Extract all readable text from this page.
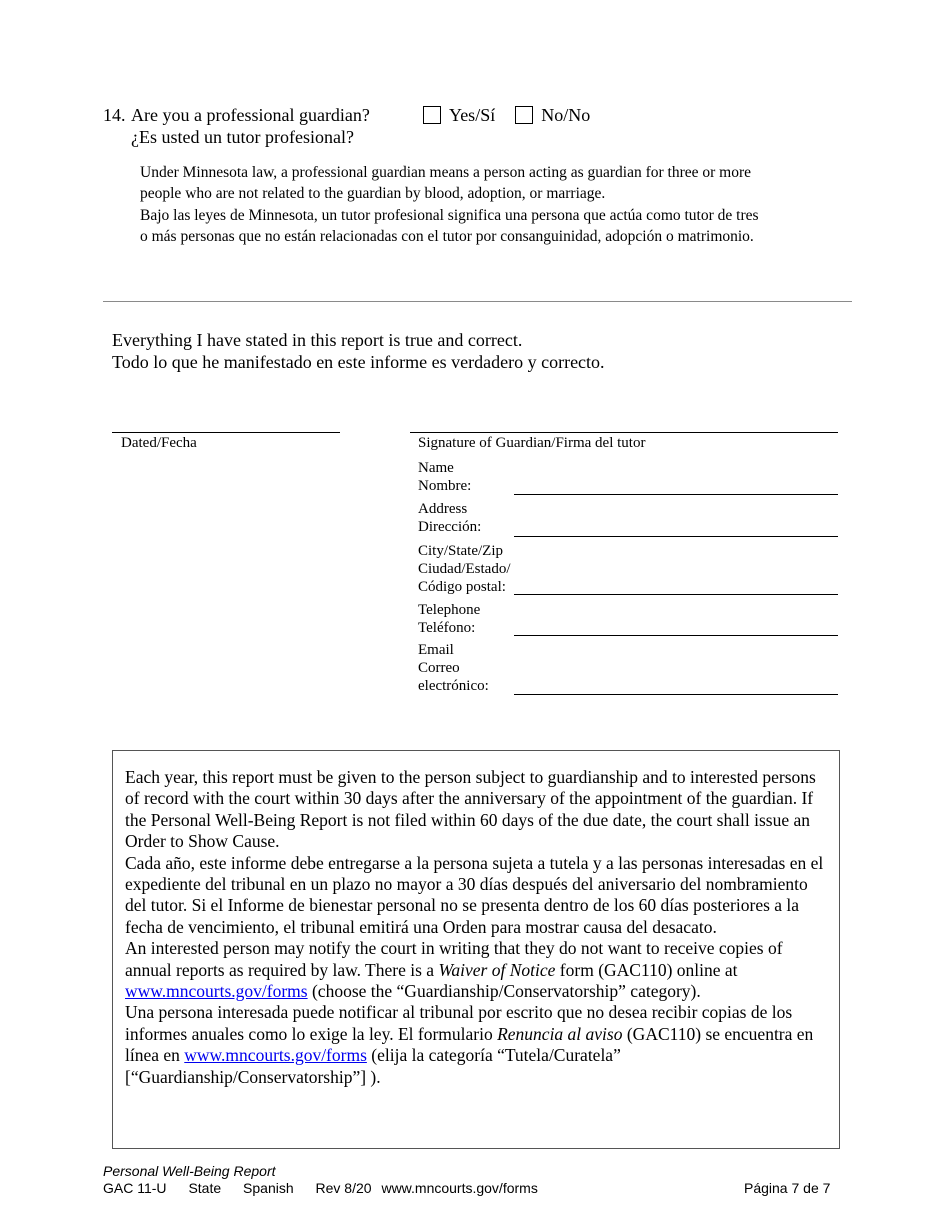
14. Are you a professional guardian?
¿Es usted un tutor profesional?
Yes/Sí	No/No
Under Minnesota law, a professional guardian means a person acting as guardian for three or more
people who are not related to the guardian by blood, adoption, or marriage.
Bajo las leyes de Minnesota, un tutor profesional significa una persona que actúa como tutor de tres
o más personas que no están relacionadas con el tutor por consanguinidad, adopción o matrimonio.
Everything I have stated in this report is true and correct.
Todo lo que he manifestado en este informe es verdadero y correcto.
Dated/Fecha	Signature of Guardian/Firma del tutor
Name
Nombre:
Address
Dirección:
City/State/Zip
Ciudad/Estado/
Código postal:
Telephone
Teléfono:
Email
Correo
electrónico:

Each year, this report must be given to the person subject to guardianship and to interested persons of record with the court within 30 days after the anniversary of the appointment of the guardian. If the Personal Well-Being Report is not filed within 60 days of the due date, the court shall issue an Order to Show Cause.

Cada año, este informe debe entregarse a la persona sujeta a tutela y a las personas interesadas en el expediente del tribunal en un plazo no mayor a 30 días después del aniversario del nombramiento del tutor. Si el Informe de bienestar personal no se presenta dentro de los 60 días posteriores a la fecha de vencimiento, el tribunal emitirá una Orden para mostrar causa del desacato.

An interested person may notify the court in writing that they do not want to receive copies of annual reports as required by law. There is a Waiver of Notice form (GAC110) online at www.mncourts.gov/forms (choose the “Guardianship/Conservatorship” category).

Una persona interesada puede notificar al tribunal por escrito que no desea recibir copias de los informes anuales como lo exige la ley. El formulario Renuncia al aviso (GAC110) se encuentra en línea en www.mncourts.gov/forms (elija la categoría “Tutela/Curatela”
[“Guardianship/Conservatorship”] ).

Personal Well-Being Report
GAC 11-U State Spanish Rev 8/20 www.mncourts.gov/forms	Página 7 de 7
